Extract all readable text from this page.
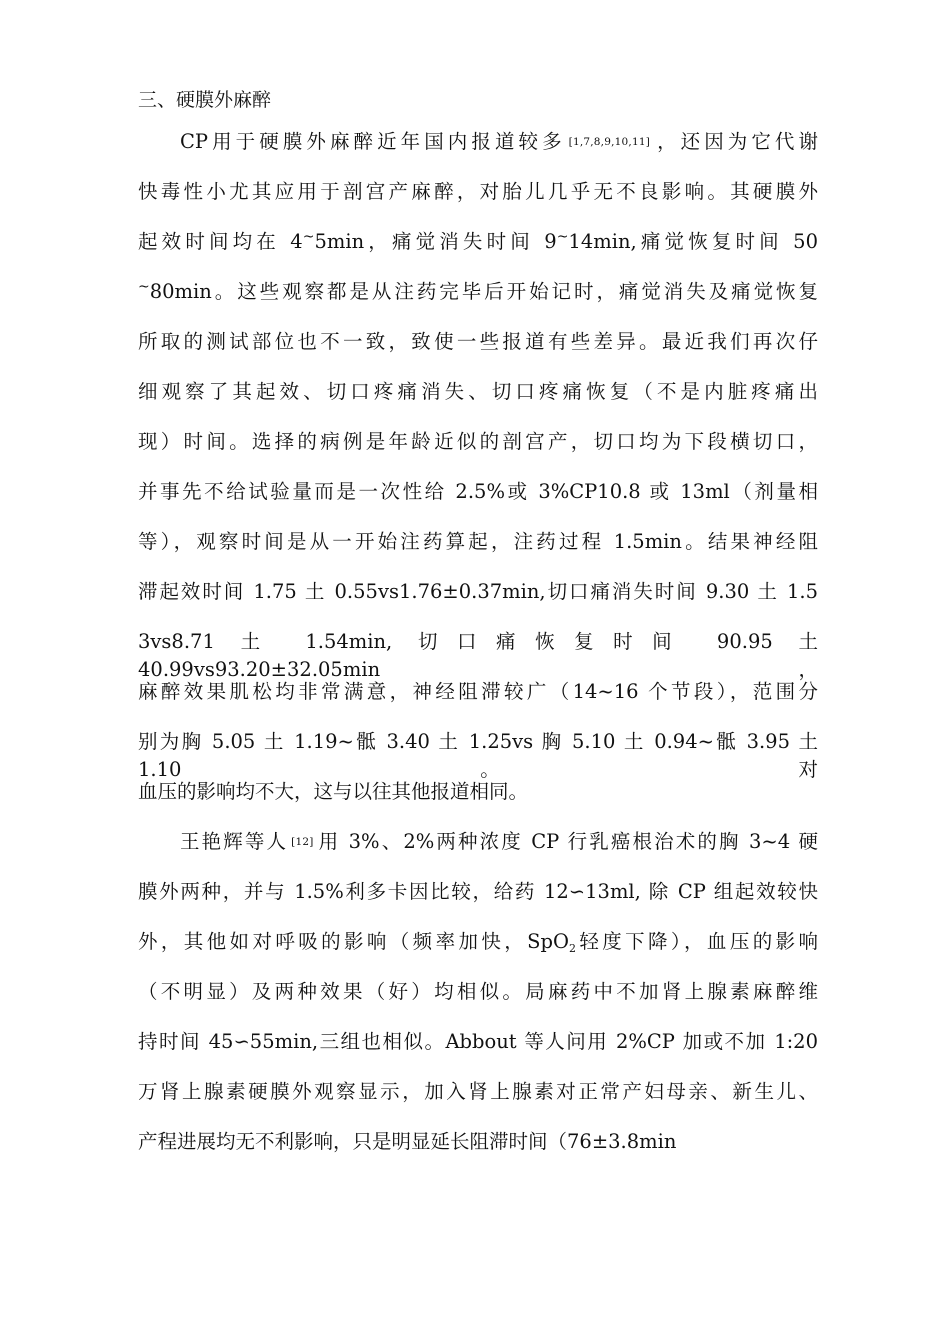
三、硬膜外麻醉
CP用于硬膜外麻醉近年国内报道较多 [1,7,8,9,10,11] ，还因为它代谢
快毒性小尤其应用于剖宫产麻醉，对胎儿几乎无不良影响。其硬膜外
起效时间均在 4~5min，痛觉消失时间 9~14min,痛觉恢复时间 50
~80min。这些观察都是从注药完毕后开始记时，痛觉消失及痛觉恢复
所取的测试部位也不一致，致使一些报道有些差异。最近我们再次仔
细观察了其起效、切口疼痛消失、切口疼痛恢复（不是内脏疼痛出
现）时间。选择的病例是年龄近似的剖宫产，切口均为下段横切口，
并事先不给试验量而是一次性给 2.5%或 3%CP10.8 或 13ml（剂量相
等），观察时间是从一开始注药算起，注药过程 1.5min。结果神经阻
滞起效时间 1.75 土 0.55vs1.76±0.37min,切口痛消失时间 9.30 土 1.5
3vs8.71 土 1.54min, 切口痛恢复时间 90.95 土 40.99vs93.20±32.05min，
麻醉效果肌松均非常满意，神经阻滞较广（14~16 个节段），范围分
别为胸 5.05 土 1.19~骶 3.40 土 1.25vs 胸 5.10 土 0.94~骶 3.95 土 1.10。对
血压的影响均不大，这与以往其他报道相同。
王艳辉等人 [12] 用 3%、2%两种浓度 CP 行乳癌根治术的胸 3~4 硬
膜外两种，并与 1.5%利多卡因比较，给药 12∽13ml, 除 CP 组起效较快
外，其他如对呼吸的影响（频率加快，SpO$_2$轻度下降），血压的影响
（不明显）及两种效果（好）均相似。局麻药中不加肾上腺素麻醉维
持时间 45∽55min,三组也相似。Abbout 等人问用 2%CP 加或不加 1:20
万肾上腺素硬膜外观察显示，加入肾上腺素对正常产妇母亲、新生儿、
产程进展均无不利影响，只是明显延长阻滞时间（76±3.8min
